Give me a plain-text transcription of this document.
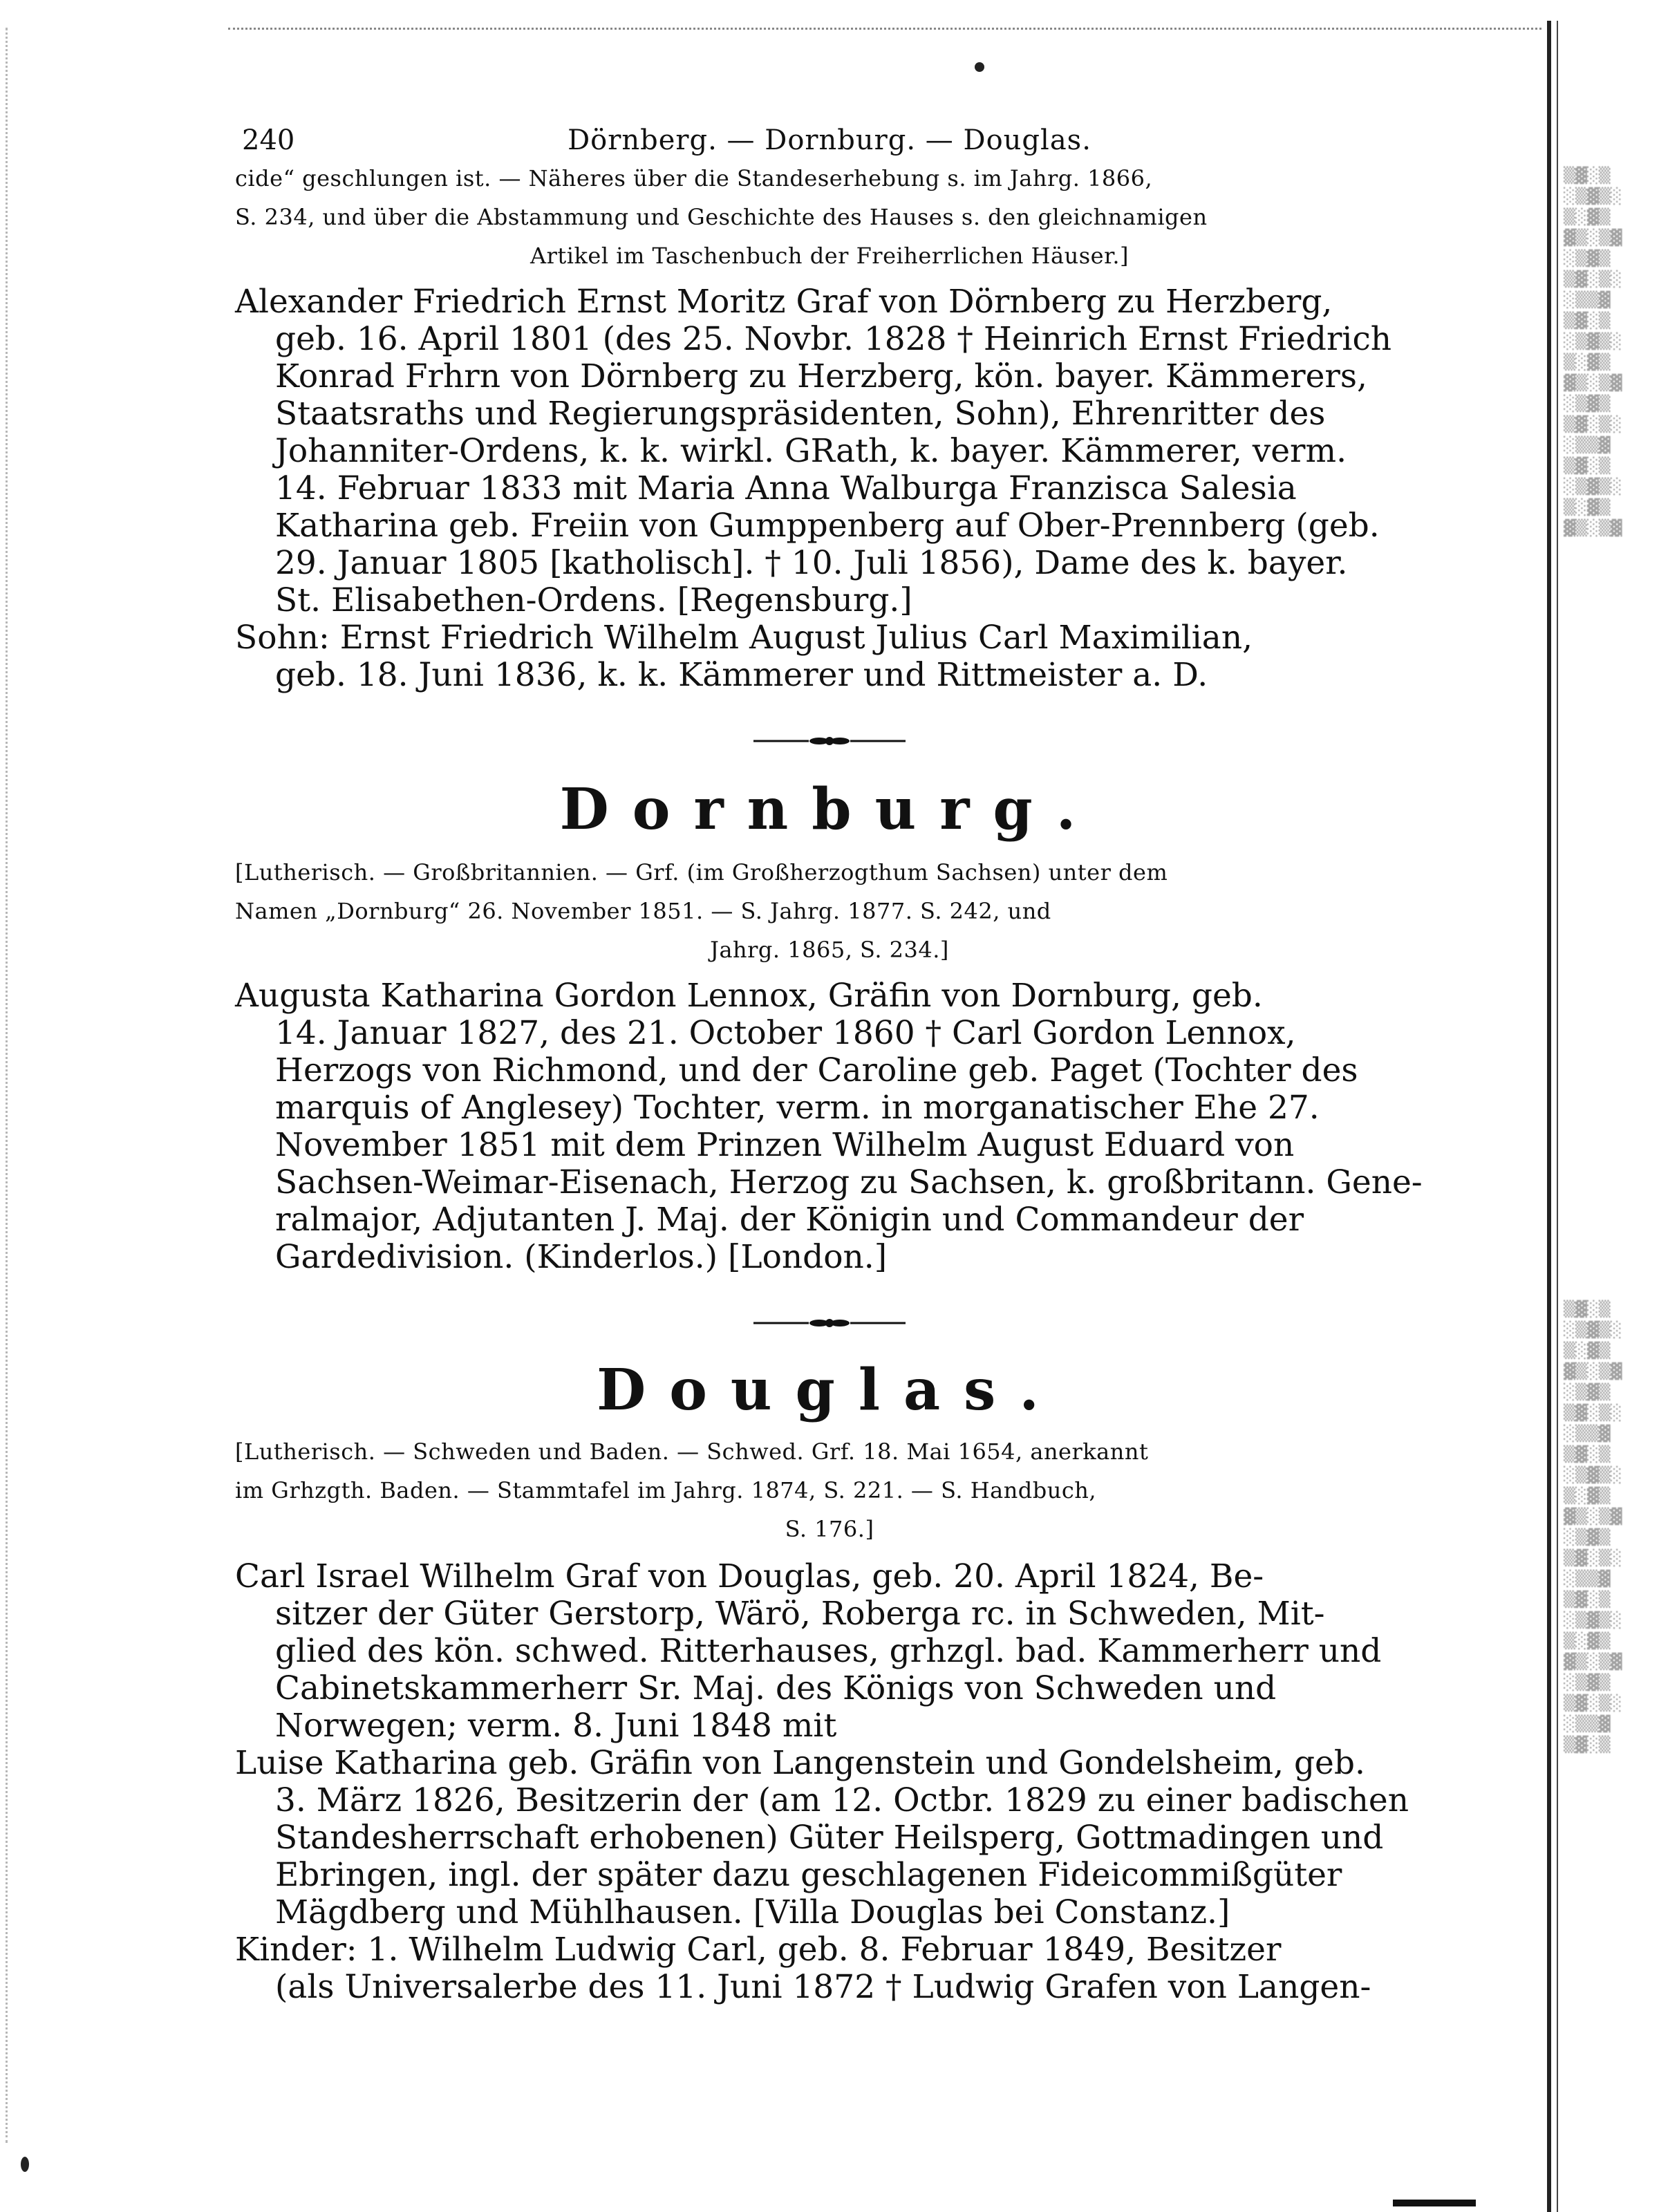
▒▓░▒
░▒▓▒░
▒░▓▒
▓▒░▒▓
░▒▓▒
▒▓░▒░
░▒▒▓
▒▓░▒
░▒▓▒░
▒░▓▒
▓▒░▒▓
░▒▓▒
▒▓░▒░
░▒▒▓
▒▓░▒
░▒▓▒░
▒░▓▒
▓▒░▒▓
▒▓░▒
░▒▓▒░
▒░▓▒
▓▒░▒▓
░▒▓▒
▒▓░▒░
░▒▒▓
▒▓░▒
░▒▓▒░
▒░▓▒
▓▒░▒▓
░▒▓▒
▒▓░▒░
░▒▒▓
▒▓░▒
░▒▓▒░
▒░▓▒
▓▒░▒▓
░▒▓▒
▒▓░▒░
░▒▒▓
▒▓░▒
240	Dörnberg. — Dornburg. — Douglas.
cide“ geschlungen ist. — Näheres über die Standeserhebung s. im Jahrg. 1866,
S. 234, und über die Abstammung und Geschichte des Hauses s. den gleichnamigen
Artikel im Taschenbuch der Freiherrlichen Häuser.]
Alexander Friedrich Ernst Moritz Graf von Dörnberg zu Herzberg,
geb. 16. April 1801 (des 25. Novbr. 1828 † Heinrich Ernst Friedrich
Konrad Frhrn von Dörnberg zu Herzberg, kön. bayer. Kämmerers,
Staatsraths und Regierungspräsidenten, Sohn), Ehrenritter des
Johanniter-Ordens, k. k. wirkl. GRath, k. bayer. Kämmerer, verm.
14. Februar 1833 mit Maria Anna Walburga Franzisca Salesia
Katharina geb. Freiin von Gumppenberg auf Ober-Prennberg (geb.
29. Januar 1805 [katholisch]. † 10. Juli 1856), Dame des k. bayer.
St. Elisabethen-Ordens. [Regensburg.]
Sohn: Ernst Friedrich Wilhelm August Julius Carl Maximilian,
geb. 18. Juni 1836, k. k. Kämmerer und Rittmeister a. D.
Dornburg.
[Lutherisch. — Großbritannien. — Grf. (im Großherzogthum Sachsen) unter dem
Namen „Dornburg“ 26. November 1851. — S. Jahrg. 1877. S. 242, und
Jahrg. 1865, S. 234.]
Augusta Katharina Gordon Lennox, Gräfin von Dornburg, geb.
14. Januar 1827, des 21. October 1860 † Carl Gordon Lennox,
Herzogs von Richmond, und der Caroline geb. Paget (Tochter des
marquis of Anglesey) Tochter, verm. in morganatischer Ehe 27.
November 1851 mit dem Prinzen Wilhelm August Eduard von
Sachsen-Weimar-Eisenach, Herzog zu Sachsen, k. großbritann. Gene-
ralmajor, Adjutanten J. Maj. der Königin und Commandeur der
Gardedivision. (Kinderlos.) [London.]
Douglas.
[Lutherisch. — Schweden und Baden. — Schwed. Grf. 18. Mai 1654, anerkannt
im Grhzgth. Baden. — Stammtafel im Jahrg. 1874, S. 221. — S. Handbuch,
S. 176.]
Carl Israel Wilhelm Graf von Douglas, geb. 20. April 1824, Be-
sitzer der Güter Gerstorp, Wärö, Roberga rc. in Schweden, Mit-
glied des kön. schwed. Ritterhauses, grhzgl. bad. Kammerherr und
Cabinetskammerherr Sr. Maj. des Königs von Schweden und
Norwegen; verm. 8. Juni 1848 mit
Luise Katharina geb. Gräfin von Langenstein und Gondelsheim, geb.
3. März 1826, Besitzerin der (am 12. Octbr. 1829 zu einer badischen
Standesherrschaft erhobenen) Güter Heilsperg, Gottmadingen und
Ebringen, ingl. der später dazu geschlagenen Fideicommißgüter
Mägdberg und Mühlhausen. [Villa Douglas bei Constanz.]
Kinder: 1. Wilhelm Ludwig Carl, geb. 8. Februar 1849, Besitzer
(als Universalerbe des 11. Juni 1872 † Ludwig Grafen von Langen-
